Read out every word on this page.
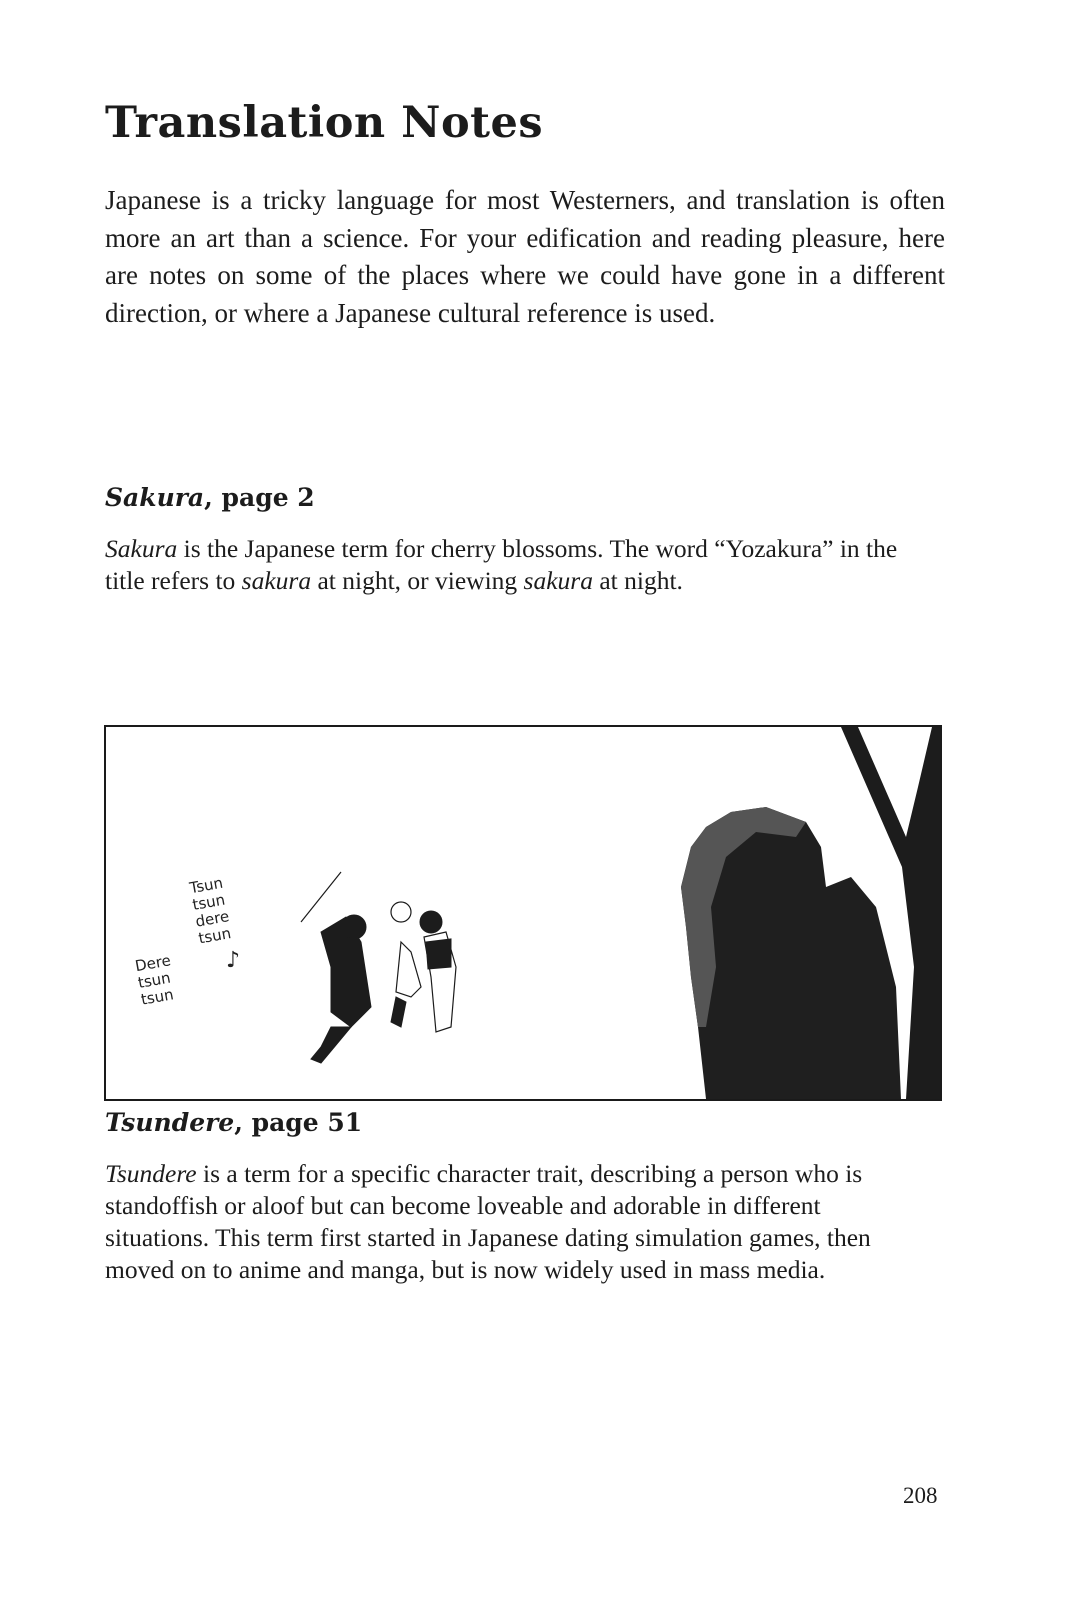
Translation Notes

Japanese is a tricky language for most Westerners, and translation is often more an art than a science. For your edification and reading pleasure, here are notes on some of the places where we could have gone in a different direction, or where a Japanese cultural reference is used.

Sakura, page 2

Sakura is the Japanese term for cherry blossoms. The word “Yozakura” in the title refers to sakura at night, or viewing sakura at night.

Tsun
tsun
dere
tsun
♪
Dere
tsun
tsun
Tsundere, page 51

Tsundere is a term for a specific character trait, describing a person who is standoffish or aloof but can become loveable and adorable in different situations. This term first started in Japanese dating simulation games, then moved on to anime and manga, but is now widely used in mass media.

208
